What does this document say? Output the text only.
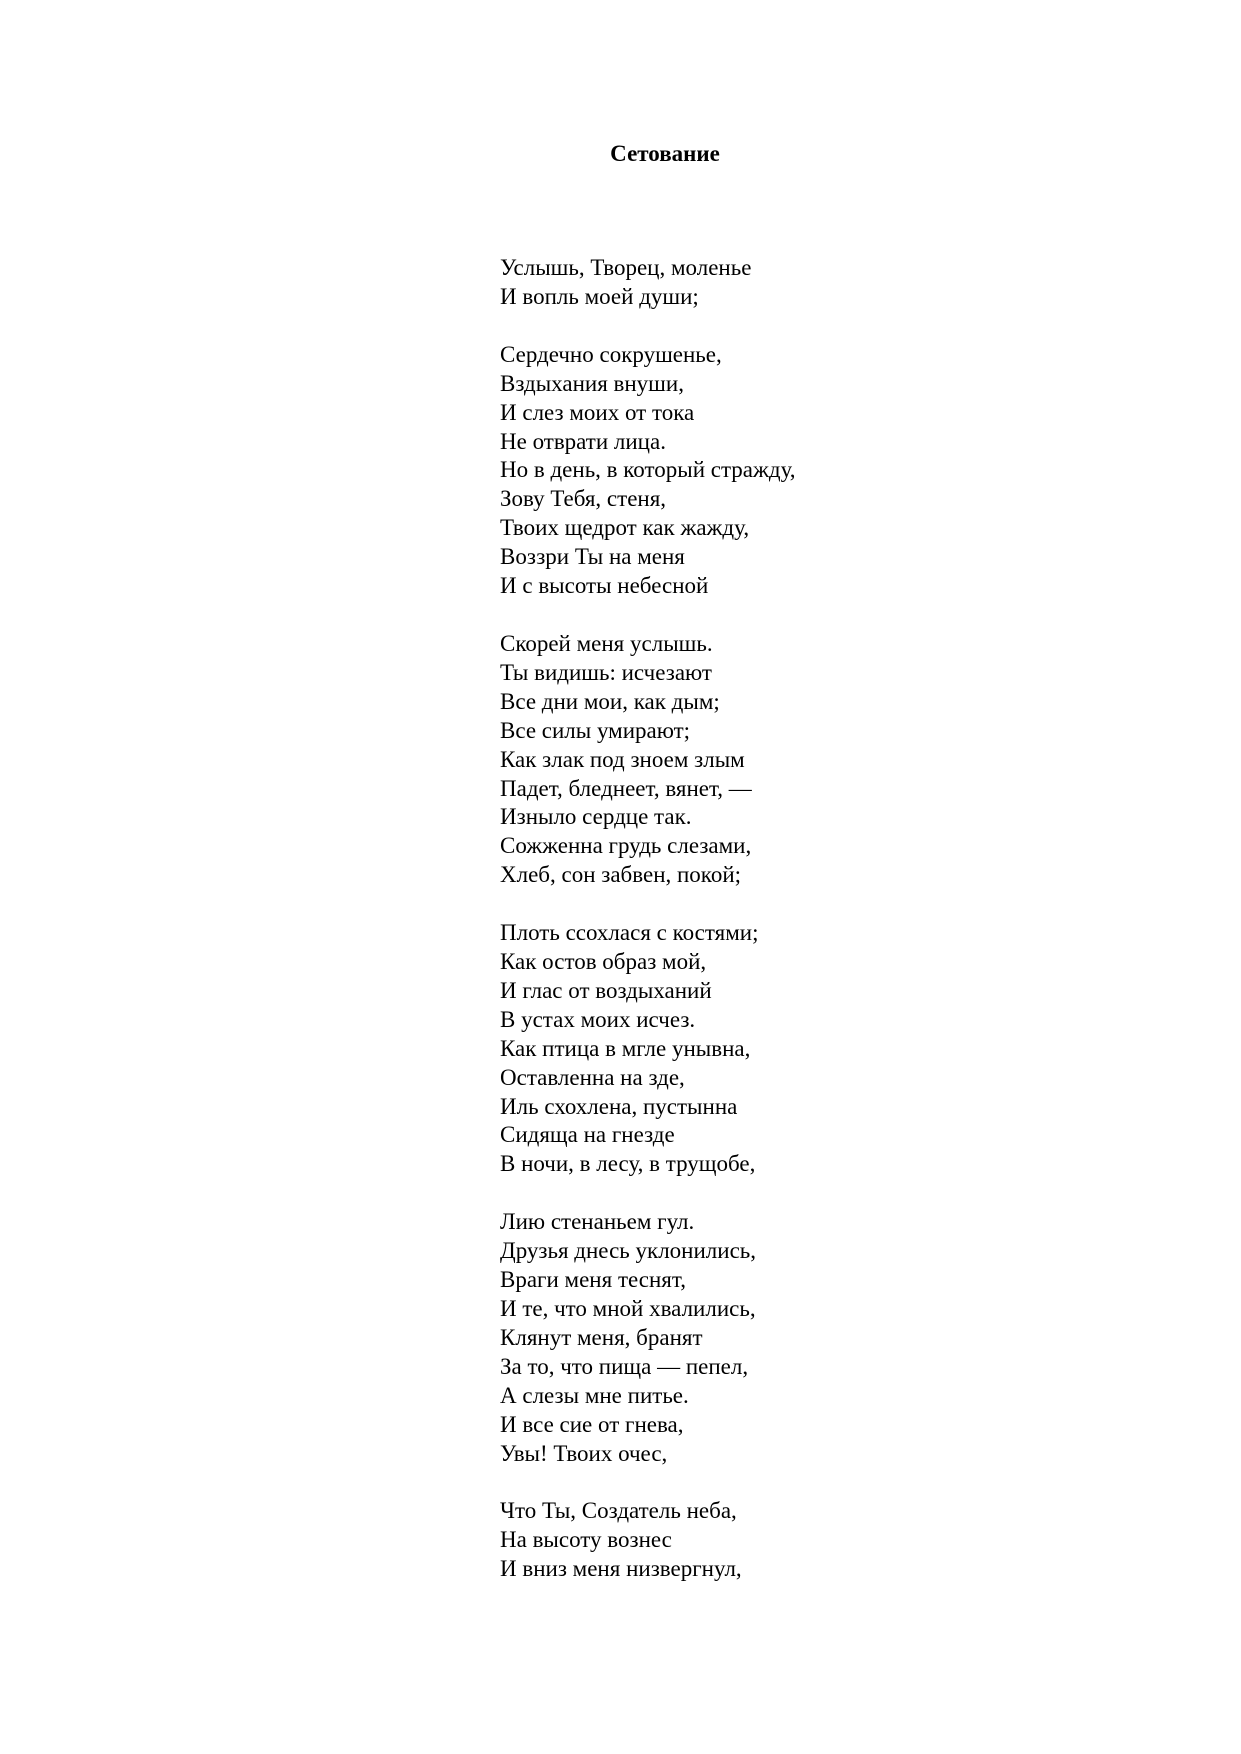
Сетование
Услышь, Творец, моленье
И вопль моей души;
Сердечно сокрушенье,
Вздыхания внуши,
И слез моих от тока
Не отврати лица.
Но в день, в который стражду,
Зову Тебя, стеня,
Твоих щедрот как жажду,
Воззри Ты на меня
И с высоты небесной
Скорей меня услышь.
Ты видишь: исчезают
Все дни мои, как дым;
Все силы умирают;
Как злак под зноем злым
Падет, бледнеет, вянет, —
Изныло сердце так.
Сожженна грудь слезами,
Хлеб, сон забвен, покой;
Плоть ссохлася с костями;
Как остов образ мой,
И глас от воздыханий
В устах моих исчез.
Как птица в мгле унывна,
Оставленна на зде,
Иль схохлена, пустынна
Сидяща на гнезде
В ночи, в лесу, в трущобе,
Лию стенаньем гул.
Друзья днесь уклонились,
Враги меня теснят,
И те, что мной хвалились,
Клянут меня, бранят
За то, что пища — пепел,
А слезы мне питье.
И все сие от гнева,
Увы! Твоих очес,
Что Ты, Создатель неба,
На высоту вознес
И вниз меня низвергнул,
